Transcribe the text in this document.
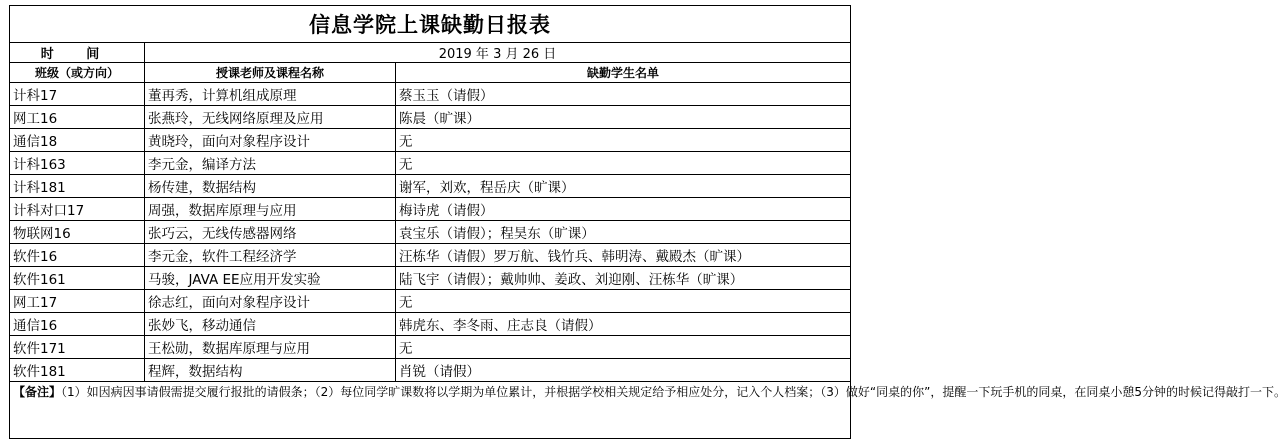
信息学院上课缺勤日报表		
时 间	2019 年 3 月 26 日	
班级（或方向）	授课老师及课程名称	缺勤学生名单
计科17	董再秀，计算机组成原理	蔡玉玉（请假）
网工16	张燕玲，无线网络原理及应用	陈晨（旷课）
通信18	黄晓玲，面向对象程序设计	无
计科163	李元金，编译方法	无
计科181	杨传建，数据结构	谢军，刘欢，程岳庆（旷课）
计科对口17	周强，数据库原理与应用	梅诗虎（请假）
物联网16	张巧云，无线传感器网络	袁宝乐（请假）；程昊东（旷课）
软件16	李元金，软件工程经济学	汪栋华（请假）罗万航、钱竹兵、韩明涛、戴殿杰（旷课）
软件161	马骏，JAVA EE应用开发实验	陆飞宇（请假）；戴帅帅、姜政、刘迎刚、汪栋华（旷课）
网工17	徐志红，面向对象程序设计	无
通信16	张妙飞，移动通信	韩虎东、李冬雨、庄志良（请假）
软件171	王松勋，数据库原理与应用	无
软件181	程辉，数据结构	肖锐（请假）
【备注】（1）如因病因事请假需提交履行报批的请假条；（2）每位同学旷课数将以学期为单位累计，并根据学校相关规定给予相应处分，记入个人档案；（3）做好“同桌的你”，提醒一下玩手机的同桌，在同桌小憩5分钟的时候记得敲打一下。		
